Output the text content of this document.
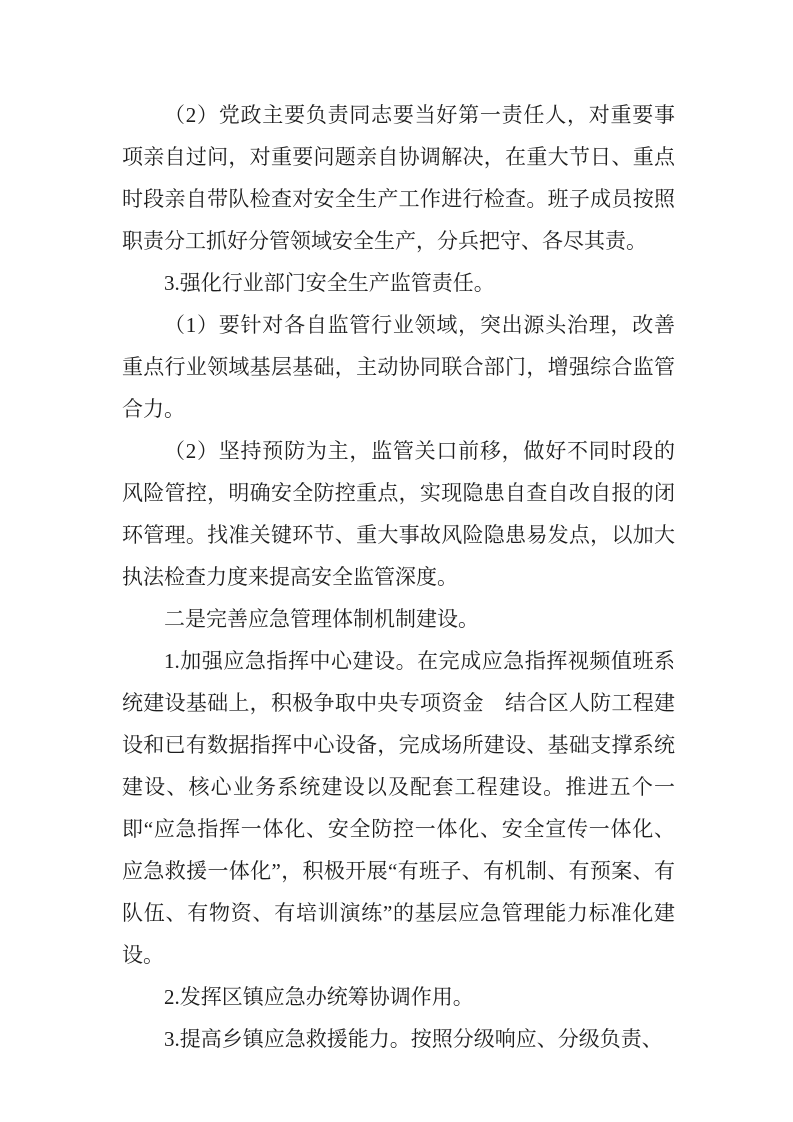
（2）党政主要负责同志要当好第一责任人，对重要事项亲自过问，对重要问题亲自协调解决，在重大节日、重点时段亲自带队检查对安全生产工作进行检查。班子成员按照职责分工抓好分管领域安全生产，分兵把守、各尽其责。

3.强化行业部门安全生产监管责任。

（1）要针对各自监管行业领域，突出源头治理，改善重点行业领域基层基础，主动协同联合部门，增强综合监管合力。

（2）坚持预防为主，监管关口前移，做好不同时段的风险管控，明确安全防控重点，实现隐患自查自改自报的闭环管理。找准关键环节、重大事故风险隐患易发点，以加大执法检查力度来提高安全监管深度。

二是完善应急管理体制机制建设。

1.加强应急指挥中心建设。在完成应急指挥视频值班系统建设基础上，积极争取中央专项资金　结合区人防工程建设和已有数据指挥中心设备，完成场所建设、基础支撑系统建设、核心业务系统建设以及配套工程建设。推进五个一　即“应急指挥一体化、安全防控一体化、安全宣传一体化、应急救援一体化”，积极开展“有班子、有机制、有预案、有队伍、有物资、有培训演练”的基层应急管理能力标准化建设。

2.发挥区镇应急办统筹协调作用。

3.提高乡镇应急救援能力。按照分级响应、分级负责、
